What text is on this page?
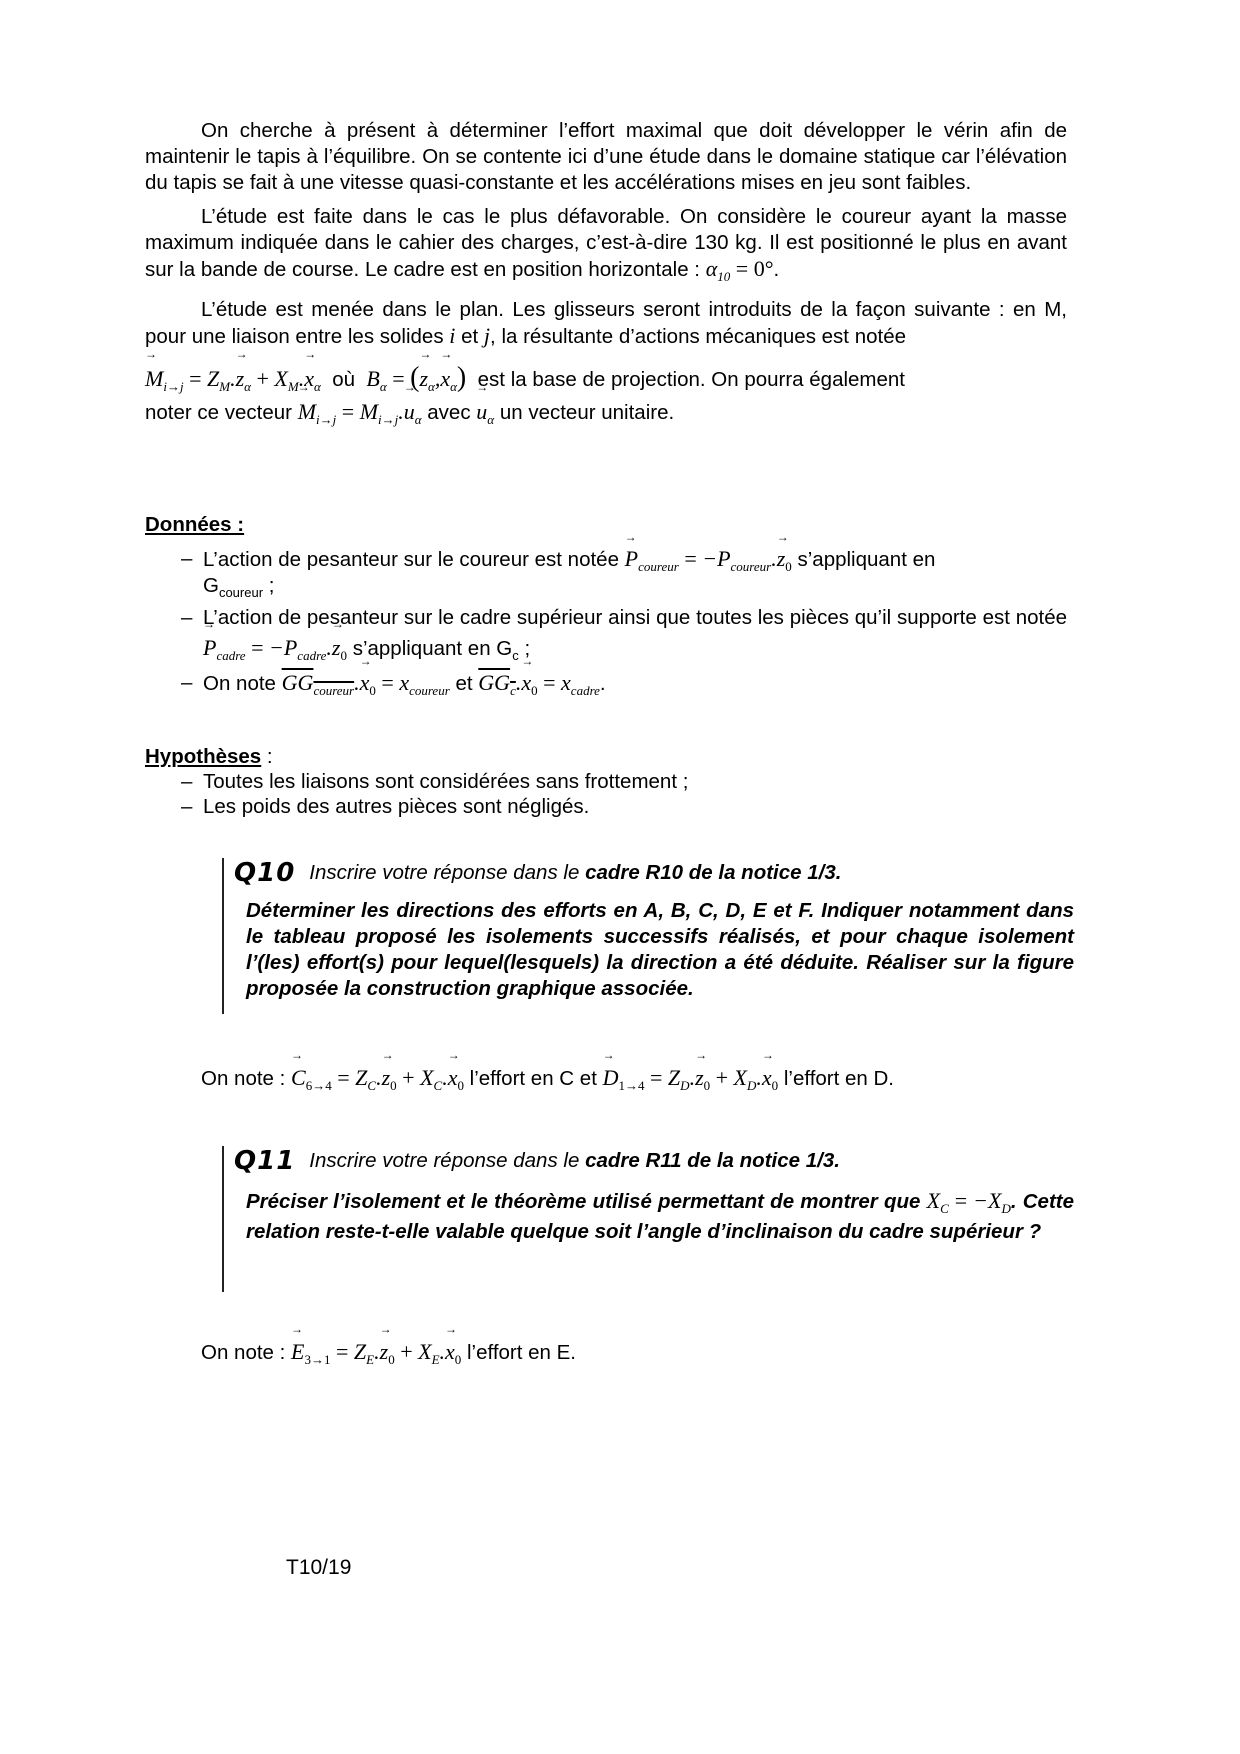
On cherche à présent à déterminer l’effort maximal que doit développer le vérin afin de maintenir le tapis à l’équilibre. On se contente ici d’une étude dans le domaine statique car l’élévation du tapis se fait à une vitesse quasi-constante et les accélérations mises en jeu sont faibles.

L’étude est faite dans le cas le plus défavorable. On considère le coureur ayant la masse maximum indiquée dans le cahier des charges, c’est-à-dire 130 kg. Il est positionné le plus en avant sur la bande de course. Le cadre est en position horizontale : $\alpha_{10} = 0^\circ$.

L’étude est menée dans le plan. Les glisseurs seront introduits de la façon suivante : en M, pour une liaison entre les solides i et j, la résultante d’actions mécaniques est notée

→ $M_{i\to j} = Z_M.\to z_\alpha + X_M.\to x_\alpha$ où $B_\alpha$ = (→ $z_\alpha,\to x_\alpha$) est la base de projection. On pourra également
noter ce vecteur → $M_{i\to j} = M_{i\to j}.\to u_\alpha$ avec → $u_\alpha$ un vecteur unitaire.

Données :

– L’action de pesanteur sur le coureur est notée → $P_{coureur} = -P_{coureur}.\to z_0$ s’appliquant en
$G_{coureur}$ ;
– L’action de pesanteur sur le cadre supérieur ainsi que toutes les pièces qu’il supporte est notée → $P_{cadre} = -P_{cadre}.\to z_0$ s’appliquant en $G_c$ ;
– On note $GG_{coureur}.\to x_0 = x_{coureur}$ et $GG_c.\to x_0 = x_{cadre}$.

Hypothèses :

– Toutes les liaisons sont considérées sans frottement ;
– Les poids des autres pièces sont négligés.
Q10 Inscrire votre réponse dans le cadre R10 de la notice 1/3.
Déterminer les directions des efforts en A, B, C, D, E et F. Indiquer notamment dans le tableau proposé les isolements successifs réalisés, et pour chaque isolement l’(les) effort(s) pour lequel(lesquels) la direction a été déduite. Réaliser sur la figure proposée la construction graphique associée.
On note : → $C_{6\to 4} = Z_C.\to z_0 + X_C.\to x_0$ l’effort en C et → $D_{1\to 4} = Z_D.\to z_0 + X_D.\to x_0$ l’effort en D.
Q11 Inscrire votre réponse dans le cadre R11 de la notice 1/3.
Préciser l’isolement et le théorème utilisé permettant de montrer que $X_C = -X_D$. Cette relation reste-t-elle valable quelque soit l’angle d’inclinaison du cadre supérieur ?
On note : → $E_{3\to 1} = Z_E.\to z_0 + X_E.\to x_0$ l’effort en E.
T10/19
